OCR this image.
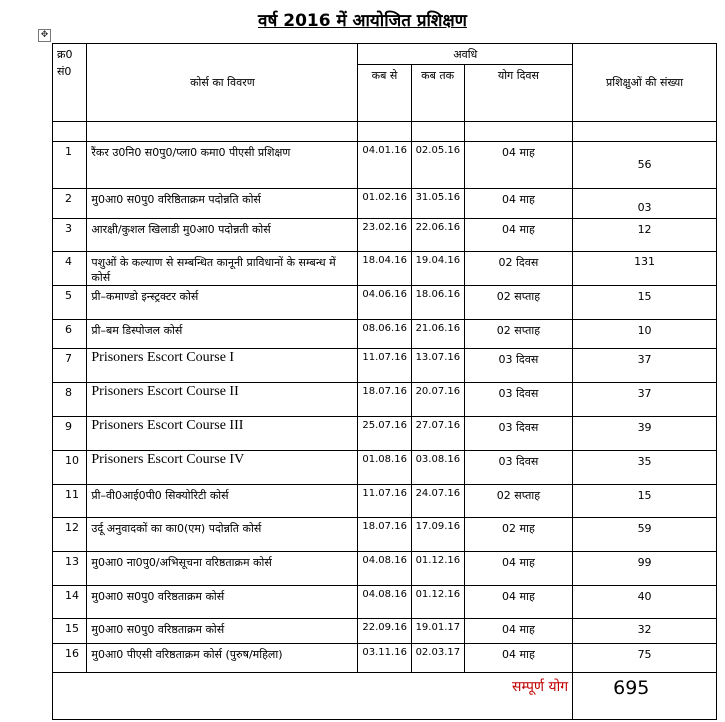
वर्ष 2016 में आयोजित प्रशिक्षण
✥
क्र0
सं0	कोर्स का विवरण	अवधि			प्रशिक्षुओं की संख्या
		कब से	कब तक	योग दिवस	

1	रैंकर उ0नि0 स0पु0/प्ला0 कमा0 पीएसी प्रशिक्षण	04.01.16	02.05.16	04 माह	56
2	मु0आ0 स0पु0 वरिष्ठिताक्रम पदोन्नति कोर्स	01.02.16	31.05.16	04 माह	03
3	आरक्षी/कुशल खिलाडी मु0आ0 पदोन्नती कोर्स	23.02.16	22.06.16	04 माह	12
4	पशुओं के कल्याण से सम्बन्धित कानूनी प्राविधानों के सम्बन्ध में कोर्स	18.04.16	19.04.16	02 दिवस	131
5	प्री–कमाण्डो इन्स्ट्रक्टर कोर्स	04.06.16	18.06.16	02 सप्ताह	15
6	प्री–बम डिस्पोजल कोर्स	08.06.16	21.06.16	02 सप्ताह	10
7	Prisoners Escort Course I	11.07.16	13.07.16	03 दिवस	37
8	Prisoners Escort Course II	18.07.16	20.07.16	03 दिवस	37
9	Prisoners Escort Course III	25.07.16	27.07.16	03 दिवस	39
10	Prisoners Escort Course IV	01.08.16	03.08.16	03 दिवस	35
11	प्री–वी0आई0पी0 सिक्योरिटी कोर्स	11.07.16	24.07.16	02 सप्ताह	15
12	उर्दू अनुवादकों का का0(एम) पदोन्नति कोर्स	18.07.16	17.09.16	02 माह	59
13	मु0आ0 ना0पु0/अभिसूचना वरिष्ठताक्रम कोर्स	04.08.16	01.12.16	04 माह	99
14	मु0आ0 स0पु0 वरिष्ठताक्रम कोर्स	04.08.16	01.12.16	04 माह	40
15	मु0आ0 स0पु0 वरिष्ठताक्रम कोर्स	22.09.16	19.01.17	04 माह	32
16	मु0आ0 पीएसी वरिष्ठताक्रम कोर्स (पुरुष/महिला)	03.11.16	02.03.17	04 माह	75
सम्पूर्ण योग					695
